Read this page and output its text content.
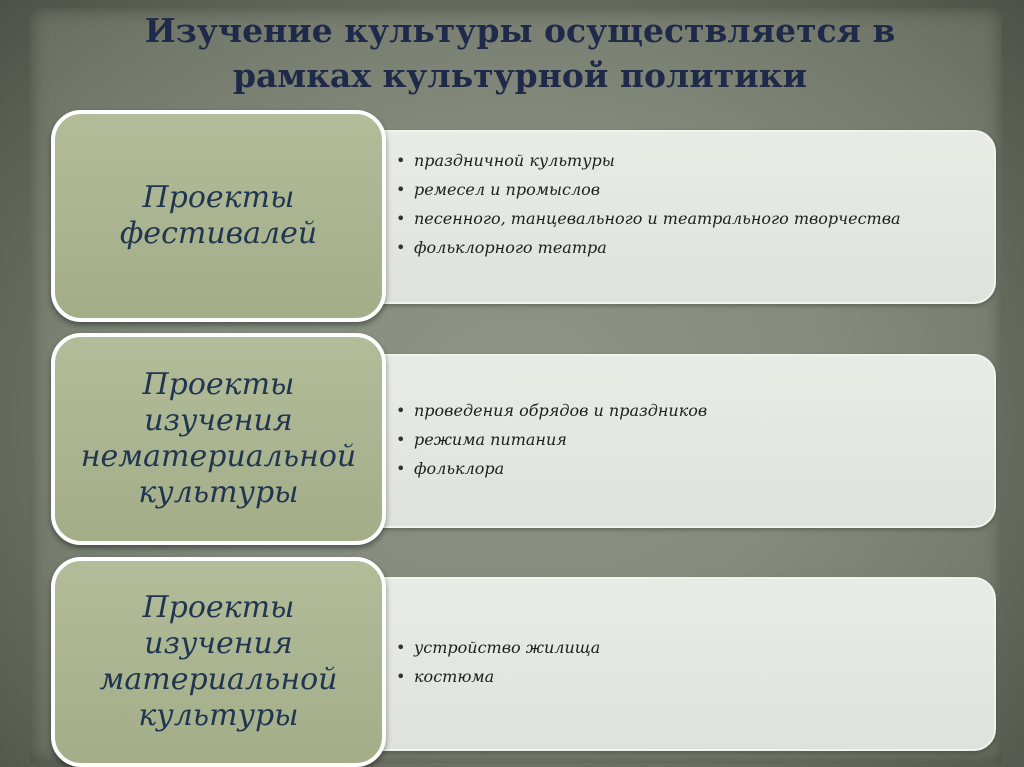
Изучение культуры осуществляется в
рамках культурной политики
• праздничной культуры
• ремесел и промыслов
• песенного, танцевального и театрального творчества
• фольклорного театра
Проекты фестивалей
• проведения обрядов и праздников
• режима питания
• фольклора
Проекты изучения нематериальной культуры
• устройство жилища
• костюма
Проекты изучения материальной культуры
